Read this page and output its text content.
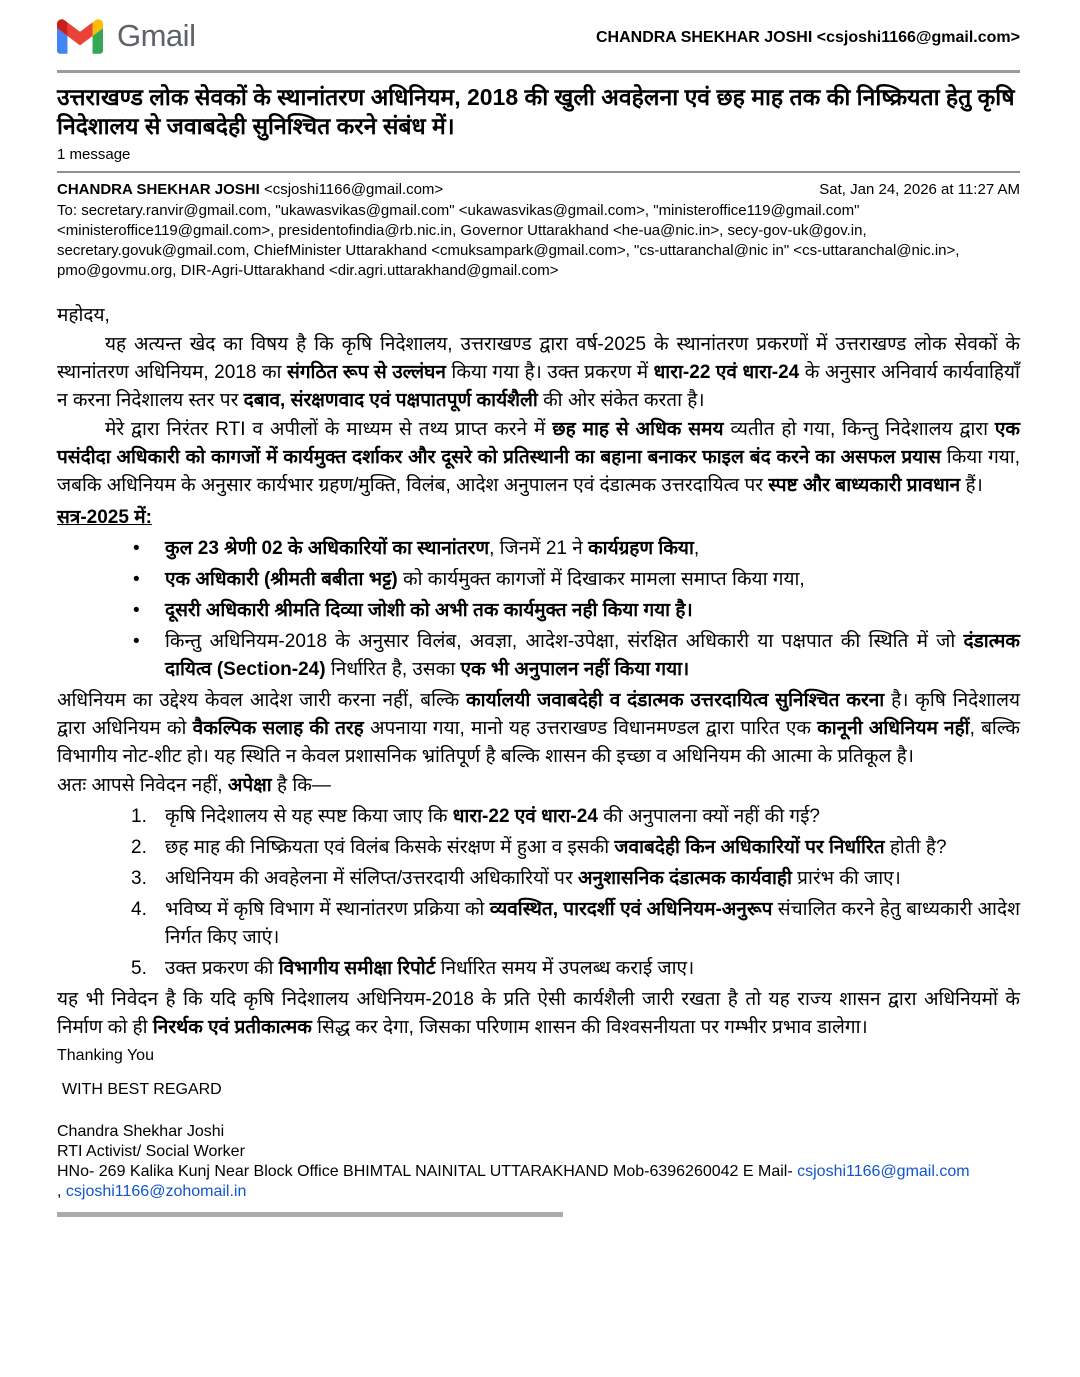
Gmail	CHANDRA SHEKHAR JOSHI <csjoshi1166@gmail.com>
उत्तराखण्ड लोक सेवकों के स्थानांतरण अधिनियम, 2018 की खुली अवहेलना एवं छह माह तक की निष्क्रियता हेतु कृषि निदेशालय से जवाबदेही सुनिश्चित करने संबंध में।
1 message
CHANDRA SHEKHAR JOSHI <csjoshi1166@gmail.com>	Sat, Jan 24, 2026 at 11:27 AM
To: secretary.ranvir@gmail.com, "ukawasvikas@gmail.com" <ukawasvikas@gmail.com>, "ministeroffice119@gmail.com" <ministeroffice119@gmail.com>, presidentofindia@rb.nic.in, Governor Uttarakhand <he-ua@nic.in>, secy-gov-uk@gov.in, secretary.govuk@gmail.com, ChiefMinister Uttarakhand <cmuksampark@gmail.com>, "cs-uttaranchal@nic in" <cs-uttaranchal@nic.in>, pmo@govmu.org, DIR-Agri-Uttarakhand <dir.agri.uttarakhand@gmail.com>
महोदय,
यह अत्यन्त खेद का विषय है कि कृषि निदेशालय, उत्तराखण्ड द्वारा वर्ष-2025 के स्थानांतरण प्रकरणों में उत्तराखण्ड लोक सेवकों के स्थानांतरण अधिनियम, 2018 का संगठित रूप से उल्लंघन किया गया है। उक्त प्रकरण में धारा-22 एवं धारा-24 के अनुसार अनिवार्य कार्यवाहियाँ न करना निदेशालय स्तर पर दबाव, संरक्षणवाद एवं पक्षपातपूर्ण कार्यशैली की ओर संकेत करता है।
मेरे द्वारा निरंतर RTI व अपीलों के माध्यम से तथ्य प्राप्त करने में छह माह से अधिक समय व्यतीत हो गया, किन्तु निदेशालय द्वारा एक पसंदीदा अधिकारी को कागजों में कार्यमुक्त दर्शाकर और दूसरे को प्रतिस्थानी का बहाना बनाकर फाइल बंद करने का असफल प्रयास किया गया, जबकि अधिनियम के अनुसार कार्यभार ग्रहण/मुक्ति, विलंब, आदेश अनुपालन एवं दंडात्मक उत्तरदायित्व पर स्पष्ट और बाध्यकारी प्रावधान हैं।
सत्र-2025 में:
• कुल 23 श्रेणी 02 के अधिकारियों का स्थानांतरण, जिनमें 21 ने कार्यग्रहण किया,
• एक अधिकारी (श्रीमती बबीता भट्ट) को कार्यमुक्त कागजों में दिखाकर मामला समाप्त किया गया,
• दूसरी अधिकारी श्रीमति दिव्या जोशी को अभी तक कार्यमुक्त नही किया गया है।
• किन्तु अधिनियम-2018 के अनुसार विलंब, अवज्ञा, आदेश-उपेक्षा, संरक्षित अधिकारी या पक्षपात की स्थिति में जो दंडात्मक दायित्व (Section-24) निर्धारित है, उसका एक भी अनुपालन नहीं किया गया।
अधिनियम का उद्देश्य केवल आदेश जारी करना नहीं, बल्कि कार्यालयी जवाबदेही व दंडात्मक उत्तरदायित्व सुनिश्चित करना है। कृषि निदेशालय द्वारा अधिनियम को वैकल्पिक सलाह की तरह अपनाया गया, मानो यह उत्तराखण्ड विधानमण्डल द्वारा पारित एक कानूनी अधिनियम नहीं, बल्कि विभागीय नोट-शीट हो। यह स्थिति न केवल प्रशासनिक भ्रांतिपूर्ण है बल्कि शासन की इच्छा व अधिनियम की आत्मा के प्रतिकूल है।
अतः आपसे निवेदन नहीं, अपेक्षा है कि—
1. कृषि निदेशालय से यह स्पष्ट किया जाए कि धारा-22 एवं धारा-24 की अनुपालना क्यों नहीं की गई?
2. छह माह की निष्क्रियता एवं विलंब किसके संरक्षण में हुआ व इसकी जवाबदेही किन अधिकारियों पर निर्धारित होती है?
3. अधिनियम की अवहेलना में संलिप्त/उत्तरदायी अधिकारियों पर अनुशासनिक दंडात्मक कार्यवाही प्रारंभ की जाए।
4. भविष्य में कृषि विभाग में स्थानांतरण प्रक्रिया को व्यवस्थित, पारदर्शी एवं अधिनियम-अनुरूप संचालित करने हेतु बाध्यकारी आदेश निर्गत किए जाएं।
5. उक्त प्रकरण की विभागीय समीक्षा रिपोर्ट निर्धारित समय में उपलब्ध कराई जाए।
यह भी निवेदन है कि यदि कृषि निदेशालय अधिनियम-2018 के प्रति ऐसी कार्यशैली जारी रखता है तो यह राज्य शासन द्वारा अधिनियमों के निर्माण को ही निरर्थक एवं प्रतीकात्मक सिद्ध कर देगा, जिसका परिणाम शासन की विश्वसनीयता पर गम्भीर प्रभाव डालेगा।
Thanking You
WITH BEST REGARD
Chandra Shekhar Joshi
RTI Activist/ Social Worker
HNo- 269 Kalika Kunj Near Block Office BHIMTAL NAINITAL UTTARAKHAND Mob-6396260042 E Mail- csjoshi1166@gmail.com
, csjoshi1166@zohomail.in
